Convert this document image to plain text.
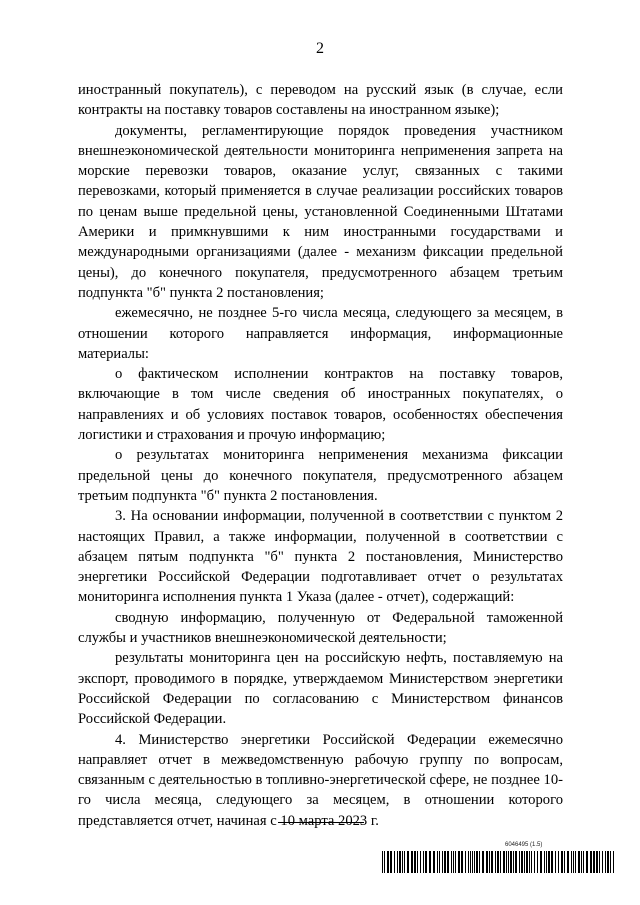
2

иностранный покупатель), с переводом на русский язык (в случае, если контракты на поставку товаров составлены на иностранном языке);

документы, регламентирующие порядок проведения участником внешнеэкономической деятельности мониторинга неприменения запрета на морские перевозки товаров, оказание услуг, связанных с такими перевозками, который применяется в случае реализации российских товаров по ценам выше предельной цены, установленной Соединенными Штатами Америки и примкнувшими к ним иностранными государствами и международными организациями (далее - механизм фиксации предельной цены), до конечного покупателя, предусмотренного абзацем третьим подпункта "б" пункта 2 постановления;

ежемесячно, не позднее 5-го числа месяца, следующего за месяцем, в отношении которого направляется информация, информационные материалы:

о фактическом исполнении контрактов на поставку товаров, включающие в том числе сведения об иностранных покупателях, о направлениях и об условиях поставок товаров, особенностях обеспечения логистики и страхования и прочую информацию;

о результатах мониторинга неприменения механизма фиксации предельной цены до конечного покупателя, предусмотренного абзацем третьим подпункта "б" пункта 2 постановления.

3. На основании информации, полученной в соответствии с пунктом 2 настоящих Правил, а также информации, полученной в соответствии с абзацем пятым подпункта "б" пункта 2 постановления, Министерство энергетики Российской Федерации подготавливает отчет о результатах мониторинга исполнения пункта 1 Указа (далее - отчет), содержащий:

сводную информацию, полученную от Федеральной таможенной службы и участников внешнеэкономической деятельности;

результаты мониторинга цен на российскую нефть, поставляемую на экспорт, проводимого в порядке, утверждаемом Министерством энергетики Российской Федерации по согласованию с Министерством финансов Российской Федерации.

4. Министерство энергетики Российской Федерации ежемесячно направляет отчет в межведомственную рабочую группу по вопросам, связанным с деятельностью в топливно-энергетической сфере, не позднее 10-го числа месяца, следующего за месяцем, в отношении которого представляется отчет, начиная с 10 марта 2023 г.

6046495 (1.5)
